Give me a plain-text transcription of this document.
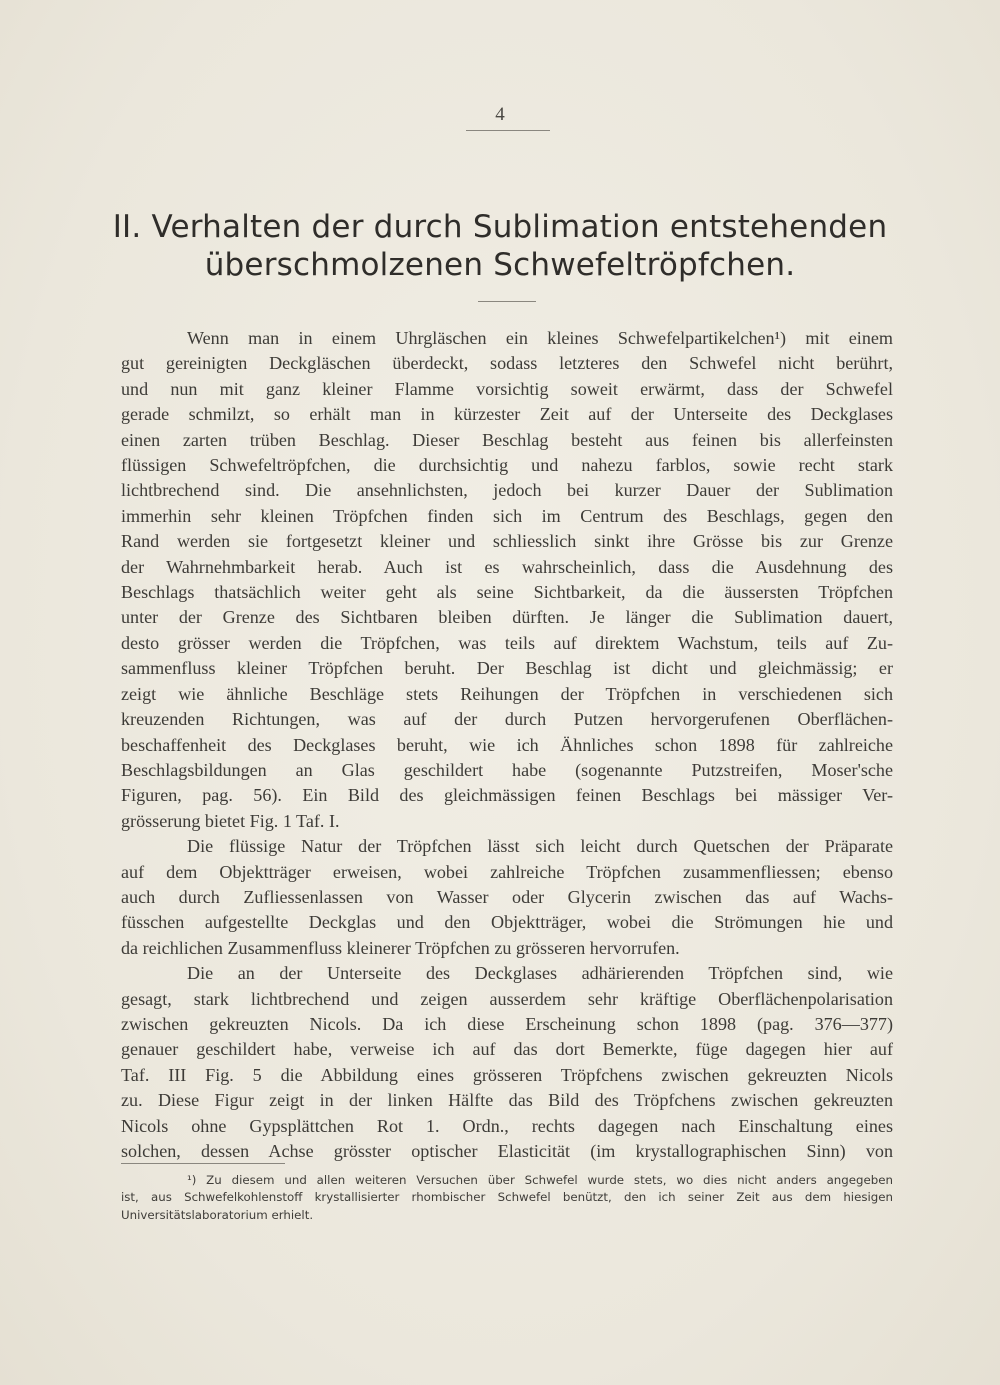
4
II. Verhalten der durch Sublimation entstehenden
überschmolzenen Schwefeltröpfchen.
Wenn man in einem Uhrgläschen ein kleines Schwefelpartikelchen¹) mit einem
gut gereinigten Deckgläschen überdeckt, sodass letzteres den Schwefel nicht berührt,
und nun mit ganz kleiner Flamme vorsichtig soweit erwärmt, dass der Schwefel
gerade schmilzt, so erhält man in kürzester Zeit auf der Unterseite des Deckglases
einen zarten trüben Beschlag. Dieser Beschlag besteht aus feinen bis allerfeinsten
flüssigen Schwefeltröpfchen, die durchsichtig und nahezu farblos, sowie recht stark
lichtbrechend sind. Die ansehnlichsten, jedoch bei kurzer Dauer der Sublimation
immerhin sehr kleinen Tröpfchen finden sich im Centrum des Beschlags, gegen den
Rand werden sie fortgesetzt kleiner und schliesslich sinkt ihre Grösse bis zur Grenze
der Wahrnehmbarkeit herab. Auch ist es wahrscheinlich, dass die Ausdehnung des
Beschlags thatsächlich weiter geht als seine Sichtbarkeit, da die äussersten Tröpfchen
unter der Grenze des Sichtbaren bleiben dürften. Je länger die Sublimation dauert,
desto grösser werden die Tröpfchen, was teils auf direktem Wachstum, teils auf Zu-
sammenfluss kleiner Tröpfchen beruht. Der Beschlag ist dicht und gleichmässig; er
zeigt wie ähnliche Beschläge stets Reihungen der Tröpfchen in verschiedenen sich
kreuzenden Richtungen, was auf der durch Putzen hervorgerufenen Oberflächen-
beschaffenheit des Deckglases beruht, wie ich Ähnliches schon 1898 für zahlreiche
Beschlagsbildungen an Glas geschildert habe (sogenannte Putzstreifen, Moser'sche
Figuren, pag. 56). Ein Bild des gleichmässigen feinen Beschlags bei mässiger Ver-
grösserung bietet Fig. 1 Taf. I.
Die flüssige Natur der Tröpfchen lässt sich leicht durch Quetschen der Präparate
auf dem Objektträger erweisen, wobei zahlreiche Tröpfchen zusammenfliessen; ebenso
auch durch Zufliessenlassen von Wasser oder Glycerin zwischen das auf Wachs-
füsschen aufgestellte Deckglas und den Objektträger, wobei die Strömungen hie und
da reichlichen Zusammenfluss kleinerer Tröpfchen zu grösseren hervorrufen.
Die an der Unterseite des Deckglases adhärierenden Tröpfchen sind, wie
gesagt, stark lichtbrechend und zeigen ausserdem sehr kräftige Oberflächenpolarisation
zwischen gekreuzten Nicols. Da ich diese Erscheinung schon 1898 (pag. 376—377)
genauer geschildert habe, verweise ich auf das dort Bemerkte, füge dagegen hier auf
Taf. III Fig. 5 die Abbildung eines grösseren Tröpfchens zwischen gekreuzten Nicols
zu. Diese Figur zeigt in der linken Hälfte das Bild des Tröpfchens zwischen gekreuzten
Nicols ohne Gypsplättchen Rot 1. Ordn., rechts dagegen nach Einschaltung eines
solchen, dessen Achse grösster optischer Elasticität (im krystallographischen Sinn) von
¹) Zu diesem und allen weiteren Versuchen über Schwefel wurde stets, wo dies nicht anders angegeben
ist, aus Schwefelkohlenstoff krystallisierter rhombischer Schwefel benützt, den ich seiner Zeit aus dem hiesigen
Universitätslaboratorium erhielt.
